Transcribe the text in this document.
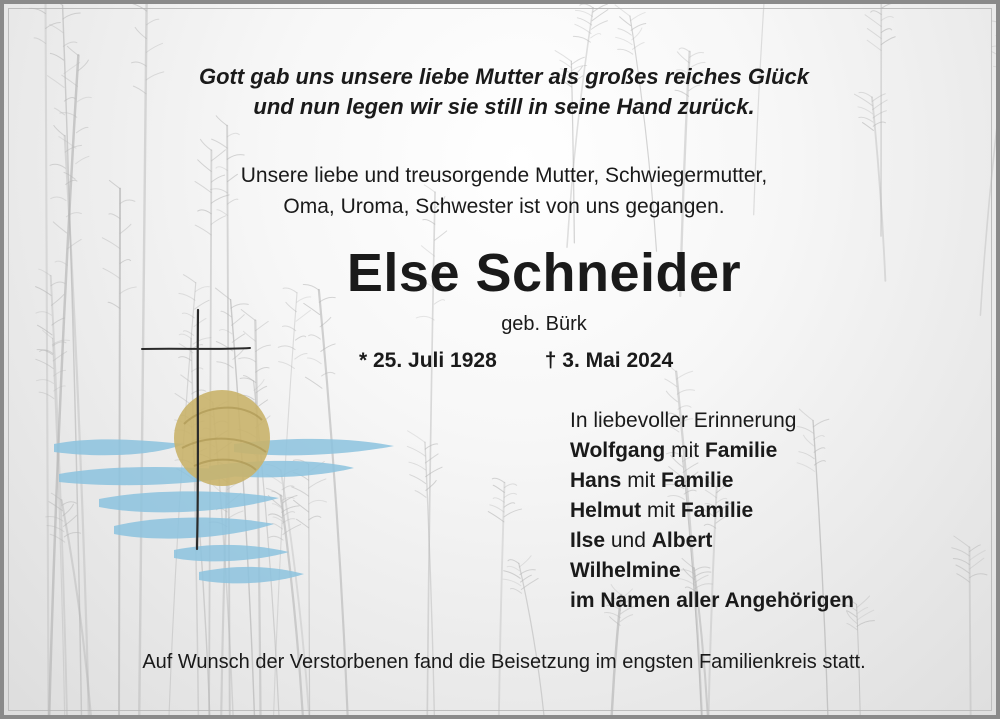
Gott gab uns unsere liebe Mutter als großes reiches Glück
und nun legen wir sie still in seine Hand zurück.
Unsere liebe und treusorgende Mutter, Schwiegermutter,
Oma, Uroma, Schwester ist von uns gegangen.
Else Schneider
geb. Bürk
* 25. Juli 1928 † 3. Mai 2024
In liebevoller Erinnerung
Wolfgang mit Familie
Hans mit Familie
Helmut mit Familie
Ilse und Albert
Wilhelmine
im Namen aller Angehörigen
Auf Wunsch der Verstorbenen fand die Beisetzung im engsten Familienkreis statt.
